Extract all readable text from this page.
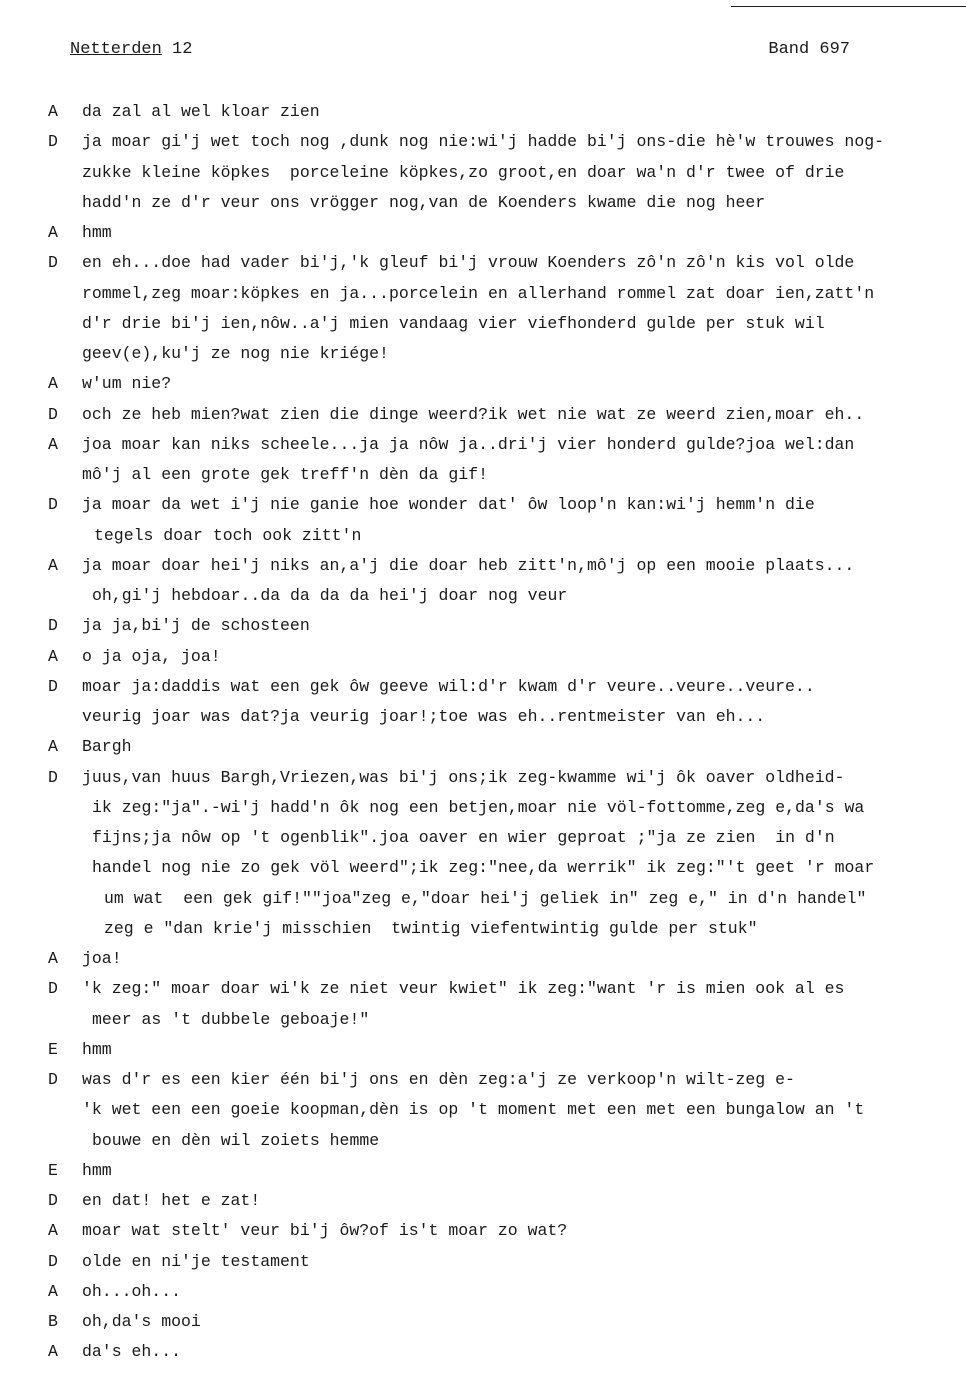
Netterden 12	Band 697
A	da zal al wel kloar zien
D	ja moar gi'j wet toch nog ,dunk nog nie:wi'j hadde bi'j ons-die hè'w trouwes nog-
zukke kleine köpkes  porceleine köpkes,zo groot,en doar wa'n d'r twee of drie
hadd'n ze d'r veur ons vrögger nog,van de Koenders kwame die nog heer
A	hmm
D	en eh...doe had vader bi'j,'k gleuf bi'j vrouw Koenders zô'n zô'n kis vol olde
rommel,zeg moar:köpkes en ja...porcelein en allerhand rommel zat doar ien,zatt'n
d'r drie bi'j ien,nôw..a'j mien vandaag vier viefhonderd gulde per stuk wil
geev(e),ku'j ze nog nie kriége!
A	w'um nie?
D	och ze heb mien?wat zien die dinge weerd?ik wet nie wat ze weerd zien,moar eh..
A	joa moar kan niks scheele...ja ja nôw ja..dri'j vier honderd gulde?joa wel:dan
mô'j al een grote gek treff'n dèn da gif!
D	ja moar da wet i'j nie ganie hoe wonder dat' ôw loop'n kan:wi'j hemm'n die
tegels doar toch ook zitt'n
A	ja moar doar hei'j niks an,a'j die doar heb zitt'n,mô'j op een mooie plaats...
oh,gi'j hebdoar..da da da da hei'j doar nog veur
D	ja ja,bi'j de schosteen
A	o ja oja, joa!
D	moar ja:daddis wat een gek ôw geeve wil:d'r kwam d'r veure..veure..veure..
veurig joar was dat?ja veurig joar!;toe was eh..rentmeister van eh...
A	Bargh
D	juus,van huus Bargh,Vriezen,was bi'j ons;ik zeg-kwamme wi'j ôk oaver oldheid-
ik zeg:"ja".-wi'j hadd'n ôk nog een betjen,moar nie völ-fottomme,zeg e,da's wa
fijns;ja nôw op 't ogenblik".joa oaver en wier geproat ;"ja ze zien  in d'n
handel nog nie zo gek völ weerd";ik zeg:"nee,da werrik" ik zeg:"'t geet 'r moar
um wat  een gek gif!""joa"zeg e,"doar hei'j geliek in" zeg e," in d'n handel"
zeg e "dan krie'j misschien  twintig viefentwintig gulde per stuk"
A	joa!
D	'k zeg:" moar doar wi'k ze niet veur kwiet" ik zeg:"want 'r is mien ook al es
meer as 't dubbele geboaje!"
E	hmm
D	was d'r es een kier één bi'j ons en dèn zeg:a'j ze verkoop'n wilt-zeg e-
'k wet een een goeie koopman,dèn is op 't moment met een met een bungalow an 't
bouwe en dèn wil zoiets hemme
E	hmm
D	en dat! het e zat!
A	moar wat stelt' veur bi'j ôw?of is't moar zo wat?
D	olde en ni'je testament
A	oh...oh...
B	oh,da's mooi
A	da's eh...
